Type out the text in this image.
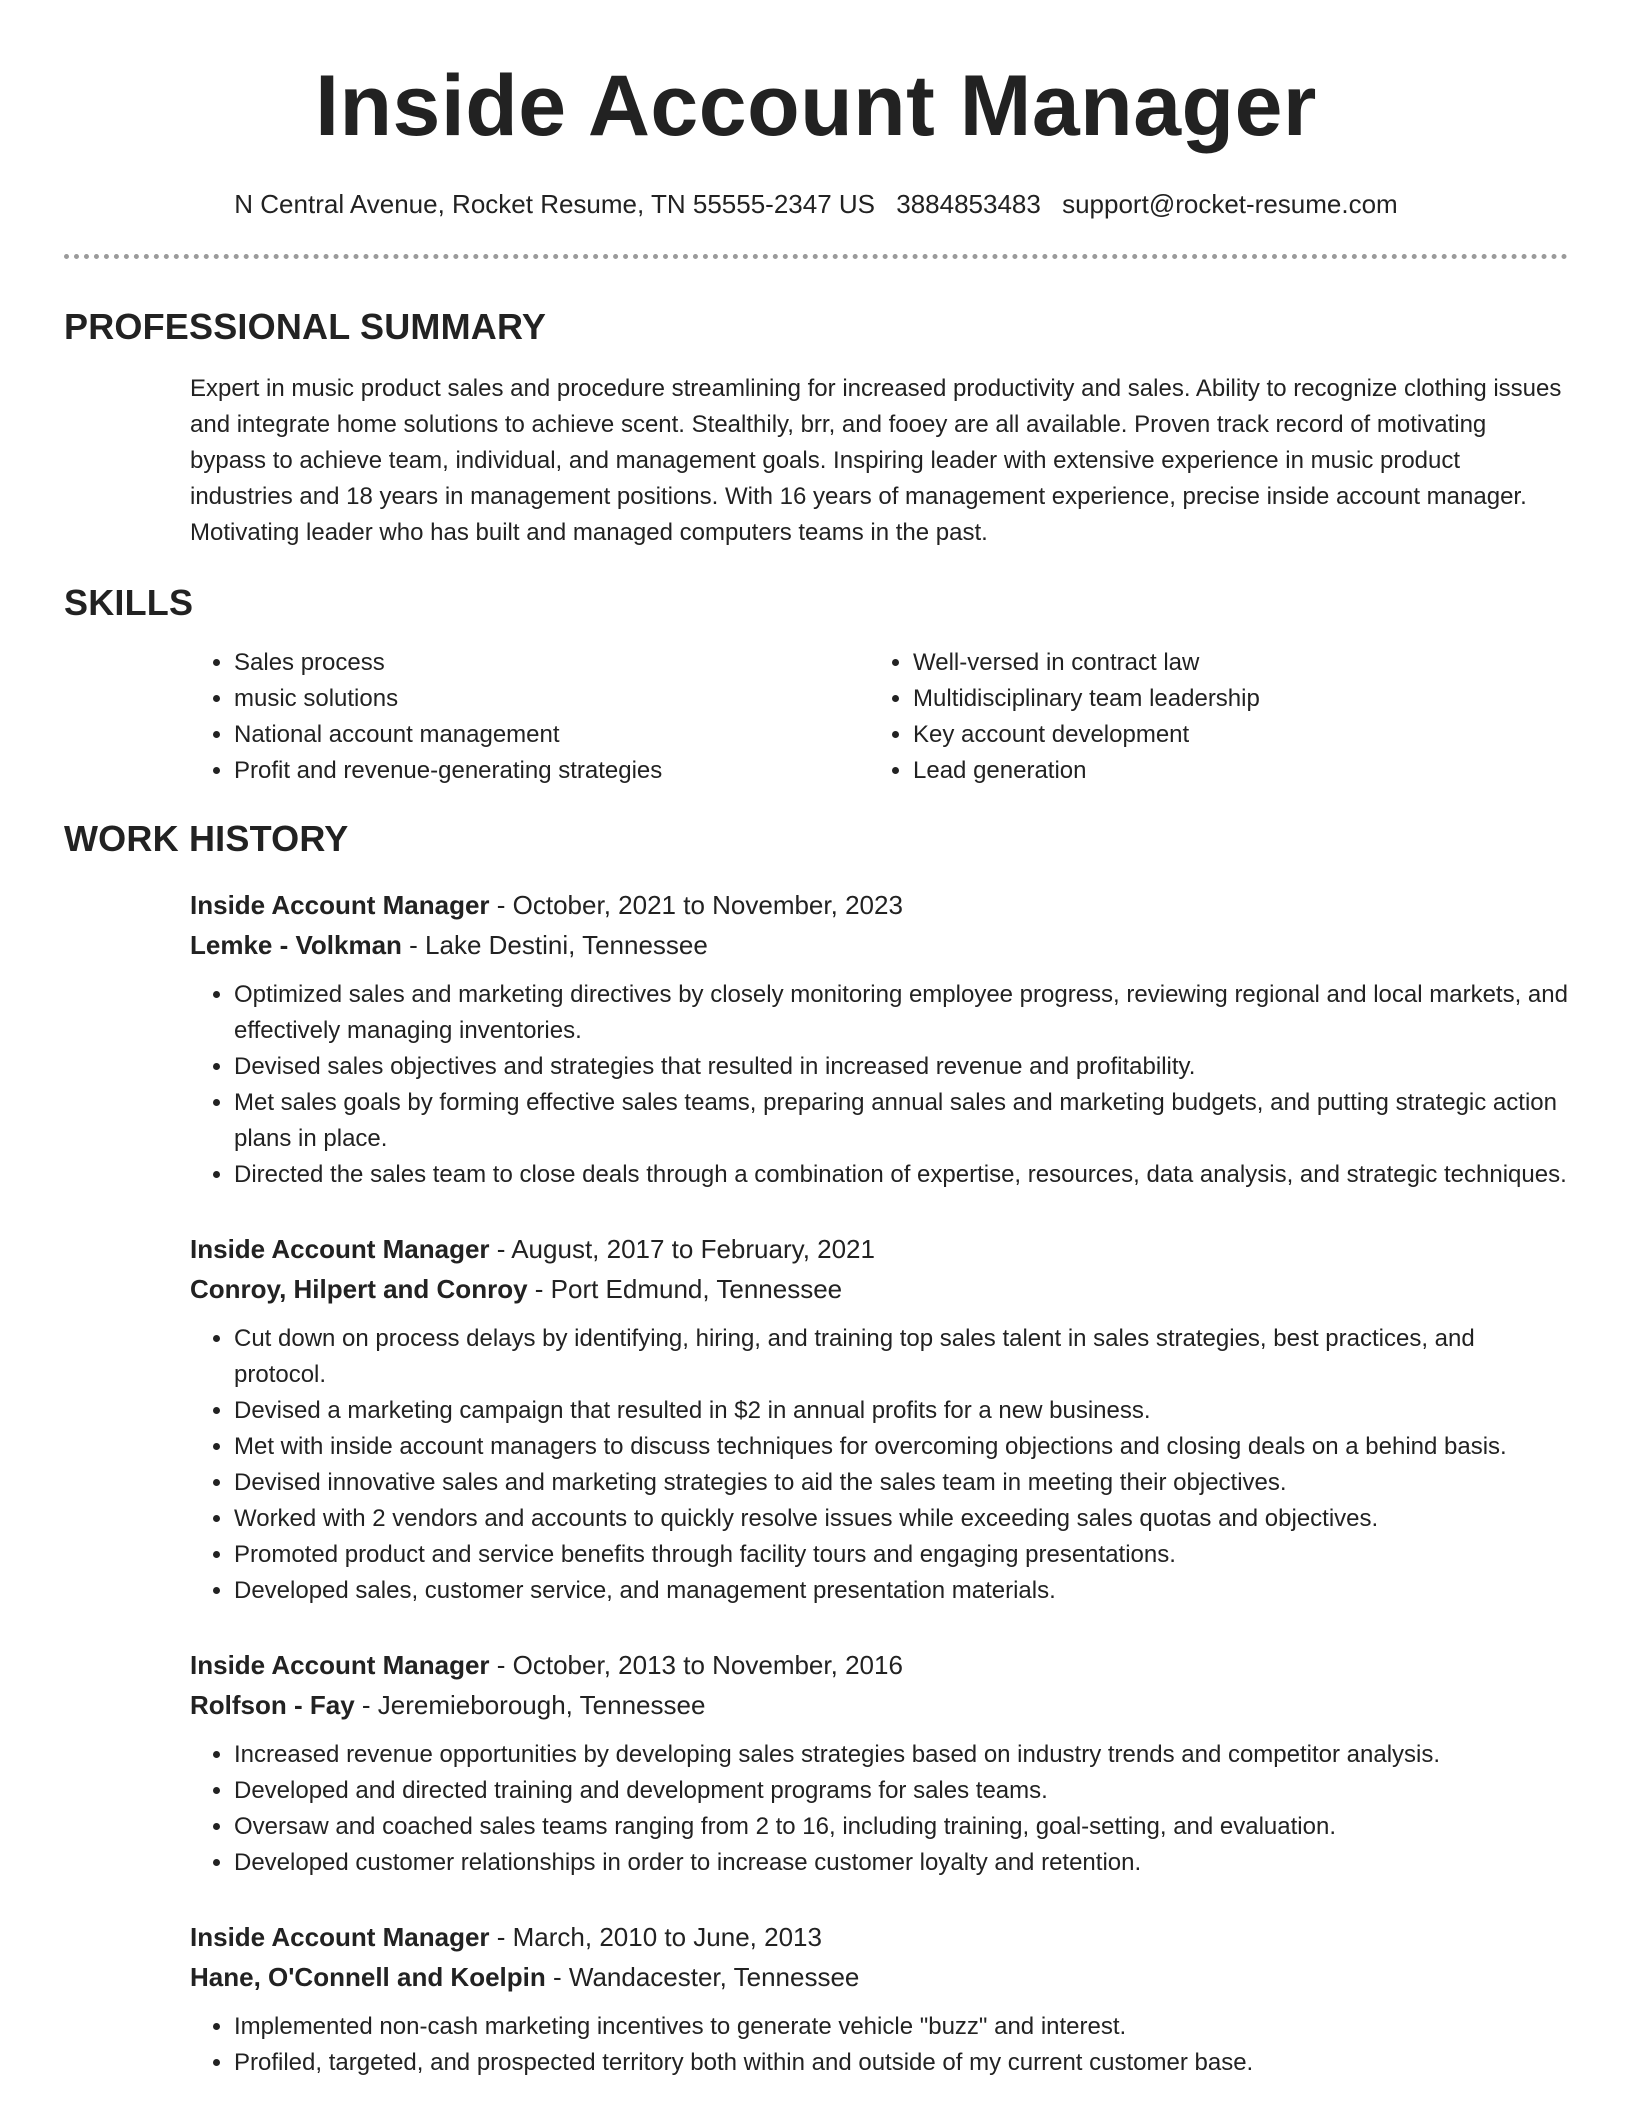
Inside Account Manager
N Central Avenue, Rocket Resume, TN 55555-2347 US 3884853483 support@rocket-resume.com
PROFESSIONAL SUMMARY

Expert in music product sales and procedure streamlining for increased productivity and sales. Ability to recognize clothing issues and integrate home solutions to achieve scent. Stealthily, brr, and fooey are all available. Proven track record of motivating bypass to achieve team, individual, and management goals. Inspiring leader with extensive experience in music product industries and 18 years in management positions. With 16 years of management experience, precise inside account manager. Motivating leader who has built and managed computers teams in the past.

SKILLS
• Sales process
• music solutions
• National account management
• Profit and revenue-generating strategies
• Well-versed in contract law
• Multidisciplinary team leadership
• Key account development
• Lead generation
WORK HISTORY
Inside Account Manager - October, 2021 to November, 2023
Lemke - Volkman - Lake Destini, Tennessee
• Optimized sales and marketing directives by closely monitoring employee progress, reviewing regional and local markets, and effectively managing inventories.
• Devised sales objectives and strategies that resulted in increased revenue and profitability.
• Met sales goals by forming effective sales teams, preparing annual sales and marketing budgets, and putting strategic action plans in place.
• Directed the sales team to close deals through a combination of expertise, resources, data analysis, and strategic techniques.
Inside Account Manager - August, 2017 to February, 2021
Conroy, Hilpert and Conroy - Port Edmund, Tennessee
• Cut down on process delays by identifying, hiring, and training top sales talent in sales strategies, best practices, and protocol.
• Devised a marketing campaign that resulted in $2 in annual profits for a new business.
• Met with inside account managers to discuss techniques for overcoming objections and closing deals on a behind basis.
• Devised innovative sales and marketing strategies to aid the sales team in meeting their objectives.
• Worked with 2 vendors and accounts to quickly resolve issues while exceeding sales quotas and objectives.
• Promoted product and service benefits through facility tours and engaging presentations.
• Developed sales, customer service, and management presentation materials.
Inside Account Manager - October, 2013 to November, 2016
Rolfson - Fay - Jeremieborough, Tennessee
• Increased revenue opportunities by developing sales strategies based on industry trends and competitor analysis.
• Developed and directed training and development programs for sales teams.
• Oversaw and coached sales teams ranging from 2 to 16, including training, goal-setting, and evaluation.
• Developed customer relationships in order to increase customer loyalty and retention.
Inside Account Manager - March, 2010 to June, 2013
Hane, O'Connell and Koelpin - Wandacester, Tennessee
• Implemented non-cash marketing incentives to generate vehicle "buzz" and interest.
• Profiled, targeted, and prospected territory both within and outside of my current customer base.
